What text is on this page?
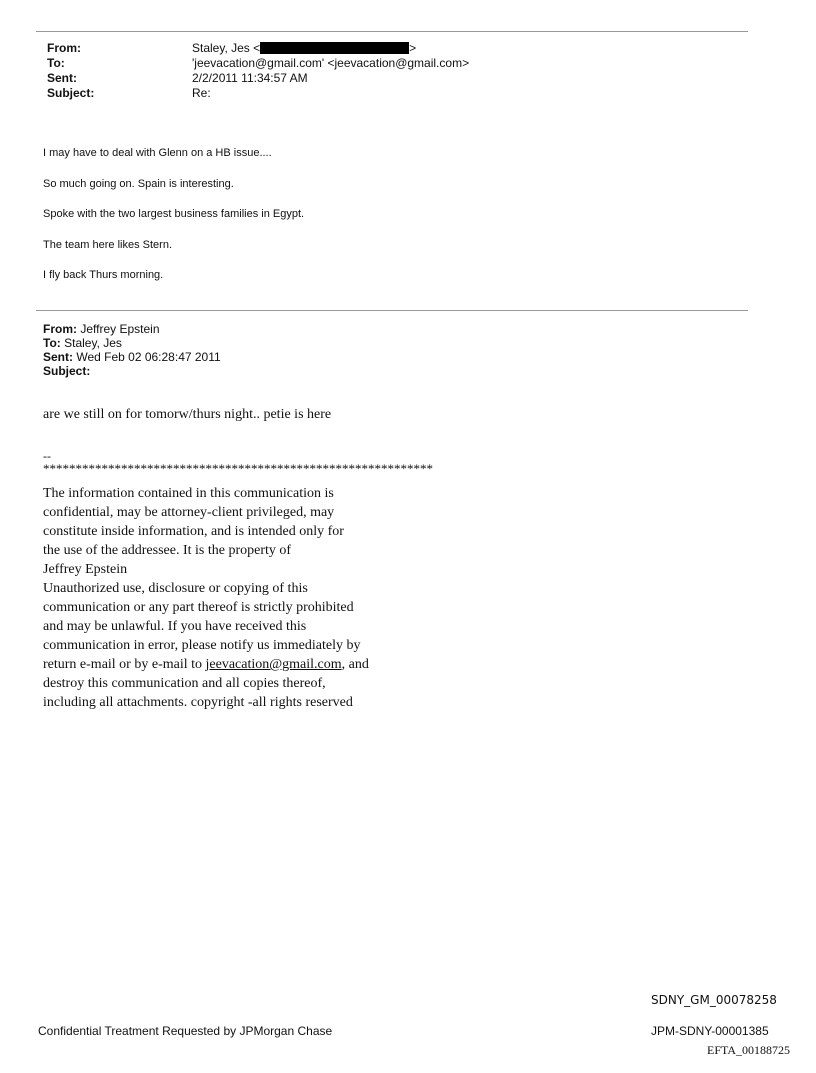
From:	Staley, Jes <	>
To:	'jeevacation@gmail.com' <jeevacation@gmail.com>
Sent:	2/2/2011 11:34:57 AM
Subject:	Re:

I may have to deal with Glenn on a HB issue....

So much going on. Spain is interesting.

Spoke with the two largest business families in Egypt.

The team here likes Stern.

I fly back Thurs morning.

From: Jeffrey Epstein
To: Staley, Jes
Sent: Wed Feb 02 06:28:47 2011
Subject:
are we still on for tomorw/thurs night.. petie is here
--
************************************************************
The information contained in this communication is
confidential, may be attorney-client privileged, may
constitute inside information, and is intended only for
the use of the addressee. It is the property of
Jeffrey Epstein
Unauthorized use, disclosure or copying of this
communication or any part thereof is strictly prohibited
and may be unlawful. If you have received this
communication in error, please notify us immediately by
return e-mail or by e-mail to jeevacation@gmail.com, and
destroy this communication and all copies thereof,
including all attachments. copyright -all rights reserved
SDNY_GM_00078258
Confidential Treatment Requested by JPMorgan Chase	JPM-SDNY-00001385
EFTA_00188725
